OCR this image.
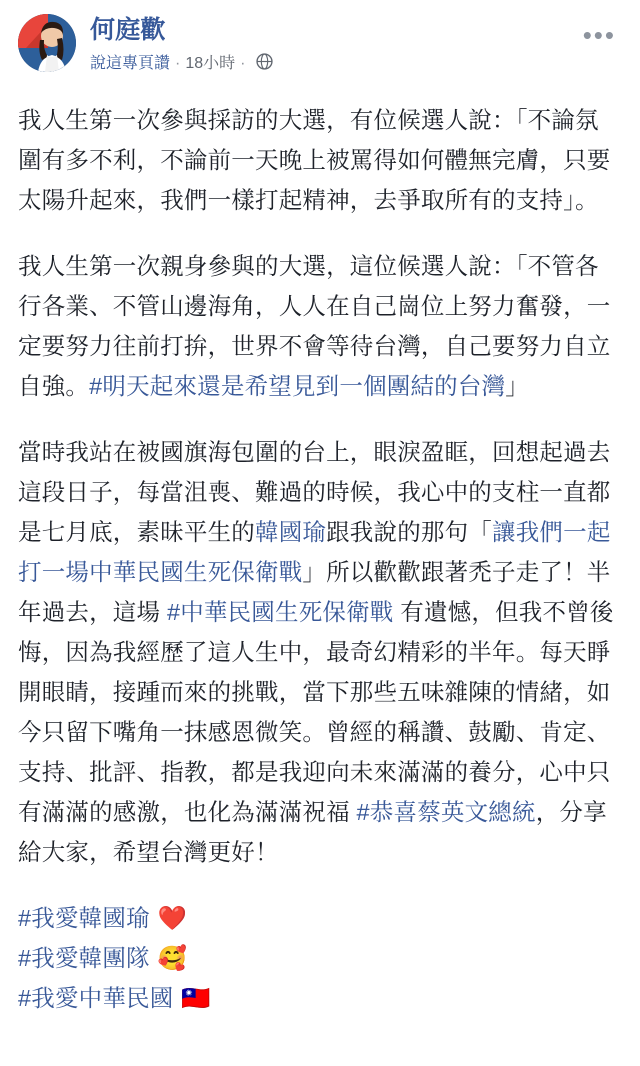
何庭歡
說這專頁讚 · 18小時 ·
•••

我人生第一次參與採訪的大選，有位候選人說：「不論氛圍有多不利，不論前一天晚上被罵得如何體無完膚，只要太陽升起來，我們一樣打起精神，去爭取所有的支持」。

我人生第一次親身參與的大選，這位候選人說：「不管各行各業、不管山邊海角，人人在自己崗位上努力奮發，一定要努力往前打拚，世界不會等待台灣，自己要努力自立自強。#明天起來還是希望見到一個團結的台灣」

當時我站在被國旗海包圍的台上，眼淚盈眶，回想起過去這段日子，每當沮喪、難過的時候，我心中的支柱一直都是七月底，素昧平生的韓國瑜跟我說的那句「讓我們一起打一場中華民國生死保衛戰」所以歡歡跟著禿子走了！半年過去，這場 #中華民國生死保衛戰 有遺憾，但我不曾後悔，因為我經歷了這人生中，最奇幻精彩的半年。每天睜開眼睛，接踵而來的挑戰，當下那些五味雜陳的情緒，如今只留下嘴角一抹感恩微笑。曾經的稱讚、鼓勵、肯定、支持、批評、指教，都是我迎向未來滿滿的養分，心中只有滿滿的感激，也化為滿滿祝福 #恭喜蔡英文總統，分享給大家，希望台灣更好！

#我愛韓國瑜 ❤️
#我愛韓團隊 🥰
#我愛中華民國 🇹🇼
